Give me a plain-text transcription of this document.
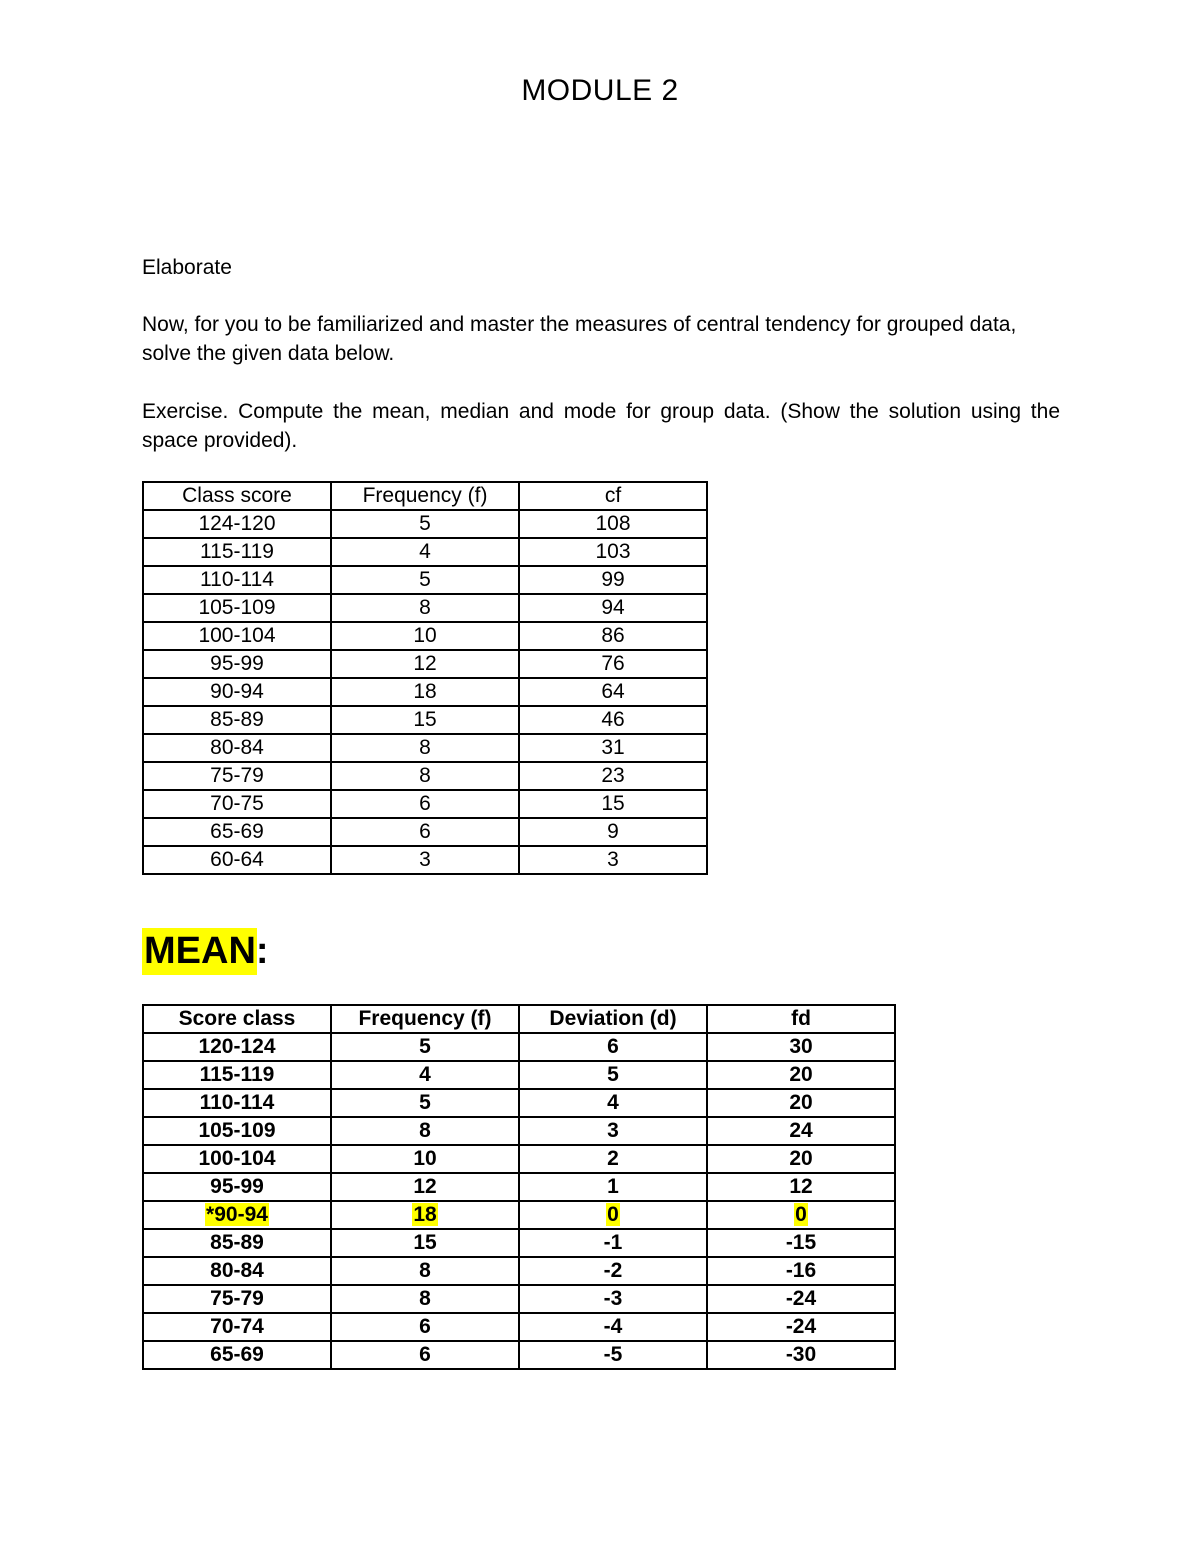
MODULE 2
Elaborate
Now, for you to be familiarized and master the measures of central tendency for grouped data, solve the given data below.
Exercise. Compute the mean, median and mode for group data. (Show the solution using the space provided).
Class score	Frequency (f)	cf
124-120	5	108
115-119	4	103
110-114	5	99
105-109	8	94
100-104	10	86
95-99	12	76
90-94	18	64
85-89	15	46
80-84	8	31
75-79	8	23
70-75	6	15
65-69	6	9
60-64	3	3
MEAN:
Score class	Frequency (f)	Deviation (d)	fd
120-124	5	6	30
115-119	4	5	20
110-114	5	4	20
105-109	8	3	24
100-104	10	2	20
95-99	12	1	12
*90-94	18	0	0
85-89	15	-1	-15
80-84	8	-2	-16
75-79	8	-3	-24
70-74	6	-4	-24
65-69	6	-5	-30
